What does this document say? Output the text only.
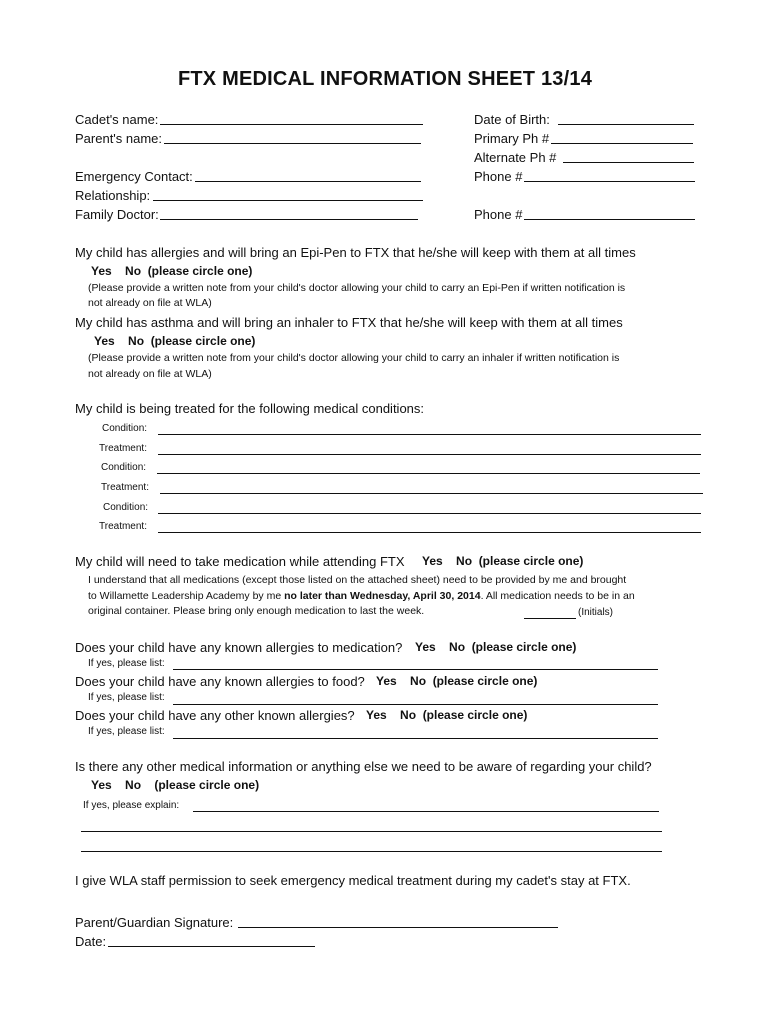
FTX MEDICAL INFORMATION SHEET 13/14
Cadet's name:
Parent's name:
Emergency Contact:
Relationship:
Family Doctor:
Date of Birth:
Primary Ph #
Alternate Ph #
Phone #
Phone #
My child has allergies and will bring an Epi-Pen to FTX that he/she will keep with them at all times
Yes    No  (please circle one)
(Please provide a written note from your child's doctor allowing your child to carry an Epi-Pen if written notification is
not already on file at WLA)
My child has asthma and will bring an inhaler to FTX that he/she will keep with them at all times
Yes    No  (please circle one)
(Please provide a written note from your child's doctor allowing your child to carry an inhaler if written notification is
not already on file at WLA)
My child is being treated for the following medical conditions:
Condition:
Treatment:
Condition:
Treatment:
Condition:
Treatment:
My child will need to take medication while attending FTX Yes    No  (please circle one)
I understand that all medications (except those listed on the attached sheet) need to be provided by me and brought
to Willamette Leadership Academy by me no later than Wednesday, April 30, 2014. All medication needs to be in an
original container. Please bring only enough medication to last the week.	(Initials)
Does your child have any known allergies to medication? Yes    No  (please circle one)
If yes, please list:
Does your child have any known allergies to food? Yes    No  (please circle one)
If yes, please list:
Does your child have any other known allergies? Yes    No  (please circle one)
If yes, please list:
Is there any other medical information or anything else we need to be aware of regarding your child?
Yes    No    (please circle one)
If yes, please explain:
I give WLA staff permission to seek emergency medical treatment during my cadet's stay at FTX.
Parent/Guardian Signature:
Date:
